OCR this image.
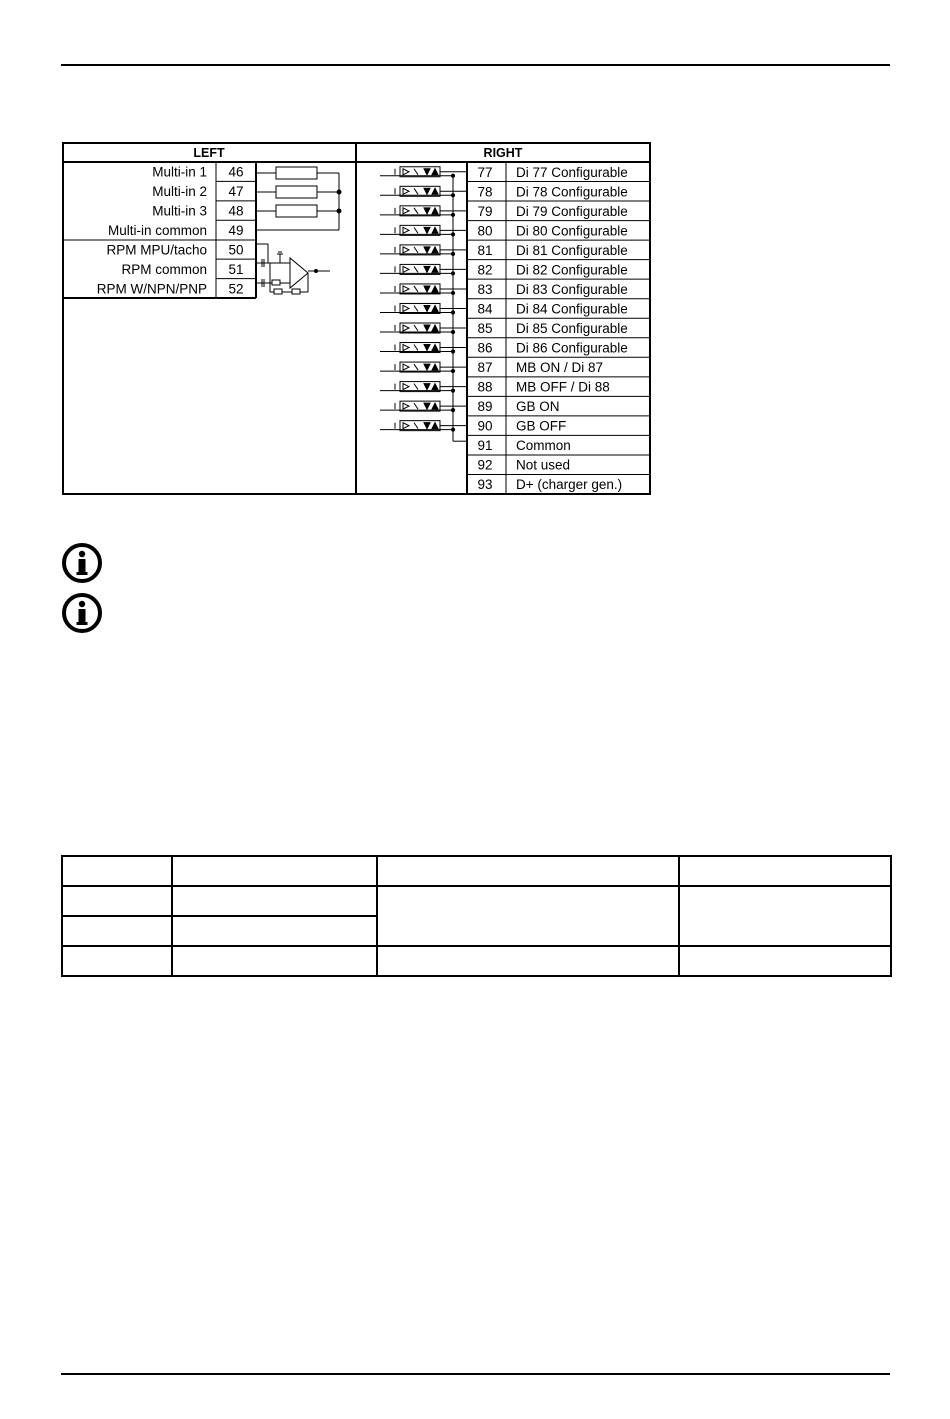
LEFT	RIGHT
Multi-in 1 46
Multi-in 2 47
Multi-in 3 48
Multi-in common 49
RPM MPU/tacho 50
RPM common 51
RPM W/NPN/PNP 52
77 Di 77 Configurable
78 Di 78 Configurable
79 Di 79 Configurable
80 Di 80 Configurable
81 Di 81 Configurable
82 Di 82 Configurable
83 Di 83 Configurable
84 Di 84 Configurable
85 Di 85 Configurable
86 Di 86 Configurable
87 MB ON / Di 87
88 MB OFF / Di 88
89 GB ON
90 GB OFF
91 Common
92 Not used
93 D+ (charger gen.)
